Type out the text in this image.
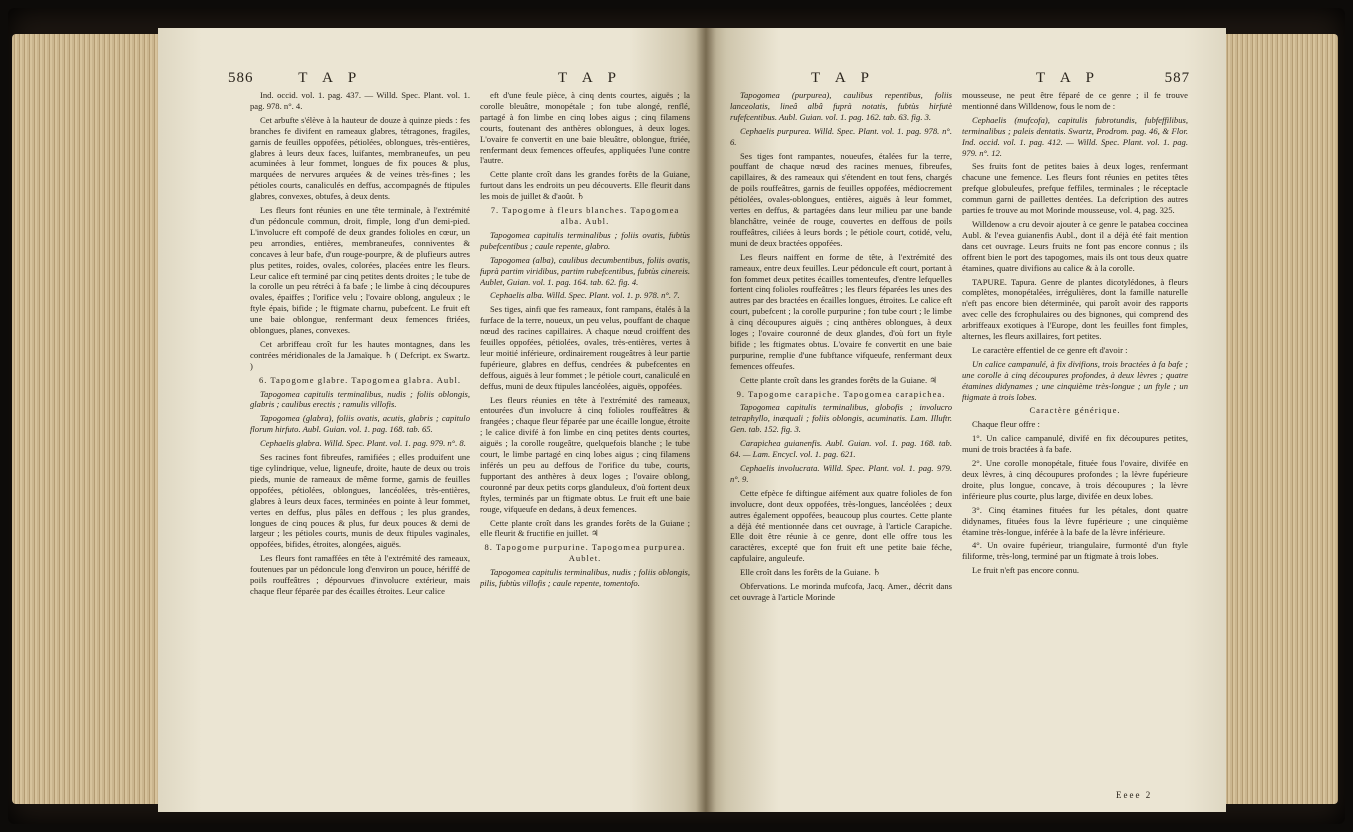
586	T A P	T A P

Ind. occid. vol. 1. pag. 437. — Willd. Spec. Plant. vol. 1. pag. 978. n°. 4.

Cet arbufte s'élève à la hauteur de douze à quinze pieds : fes branches fe divifent en rameaux glabres, tétragones, fragiles, garnis de feuilles oppofées, pétiolées, oblongues, très-entières, glabres à leurs deux faces, luifantes, membraneufes, un peu acuminées à leur fommet, longues de fix pouces & plus, marquées de nervures arquées & de veines très-fines ; les pétioles courts, canaliculés en deffus, accompagnés de ftipules glabres, convexes, obtufes, à deux dents.

Les fleurs font réunies en une tête terminale, à l'extrémité d'un pédoncule commun, droit, fimple, long d'un demi-pied. L'involucre eft compofé de deux grandes folioles en cœur, un peu arrondies, entières, membraneufes, conniventes & concaves à leur bafe, d'un rouge-pourpre, & de plufieurs autres plus petites, roides, ovales, colorées, placées entre les fleurs. Leur calice eft terminé par cinq petites dents droites ; le tube de la corolle un peu rétréci à fa bafe ; le limbe à cinq découpures ovales, épaiffes ; l'orifice velu ; l'ovaire oblong, anguleux ; le ftyle épais, bifide ; le ftigmate charnu, pubefcent. Le fruit eft une baie oblongue, renfermant deux femences ftriées, oblongues, planes, convexes.

Cet arbriffeau croît fur les hautes montagnes, dans les contrées méridionales de la Jamaïque. ♄ ( Defcript. ex Swartz. )

6. Tapogome glabre. Tapogomea glabra. Aubl.

Tapogomea capitulis terminalibus, nudis ; foliis oblongis, glabris ; caulibus erectis ; ramulis villofis.

Tapogomea (glabra), foliis ovatis, acutis, glabris ; capitulo florum hirfuto. Aubl. Guian. vol. 1. pag. 168. tab. 65.

Cephaelis glabra. Willd. Spec. Plant. vol. 1. pag. 979. n°. 8.

Ses racines font fibreufes, ramifiées ; elles produifent une tige cylindrique, velue, ligneufe, droite, haute de deux ou trois pieds, munie de rameaux de même forme, garnis de feuilles oppofées, pétiolées, oblongues, lancéolées, très-entières, glabres à leurs deux faces, terminées en pointe à leur fommet, vertes en deffus, plus pâles en deffous ; les plus grandes, longues de cinq pouces & plus, fur deux pouces & demi de largeur ; les pétioles courts, munis de deux ftipules vaginales, oppofées, bifides, étroites, alongées, aiguës.

Les fleurs font ramaffées en tête à l'extrémité des rameaux, foutenues par un pédoncule long d'environ un pouce, hériffé de poils rouffeâtres ; dépourvues d'involucre extérieur, mais chaque fleur féparée par des écailles étroites. Leur calice

eft d'une feule pièce, à cinq dents courtes, aiguës ; la corolle bleuâtre, monopétale ; fon tube alongé, renflé, partagé à fon limbe en cinq lobes aigus ; cinq filamens courts, foutenant des anthères oblongues, à deux loges. L'ovaire fe convertit en une baie bleuâtre, oblongue, ftriée, renfermant deux femences offeufes, appliquées l'une contre l'autre.

Cette plante croît dans les grandes forêts de la Guiane, furtout dans les endroits un peu découverts. Elle fleurit dans les mois de juillet & d'août. ♄

7. Tapogome à fleurs blanches. Tapogomea alba. Aubl.

Tapogomea capitulis terminalibus ; foliis ovatis, fubtùs pubefcentibus ; caule repente, glabro.

Tapogomea (alba), caulibus decumbentibus, foliis ovatis, fuprà partim viridibus, partim rubefcentibus, fubtùs cinereis. Aublet, Guian. vol. 1. pag. 164. tab. 62. fig. 4.

Cephaelis alba. Willd. Spec. Plant. vol. 1. p. 978. n°. 7.

Ses tiges, ainfi que fes rameaux, font rampans, étalés à la furface de la terre, noueux, un peu velus, pouffant de chaque nœud des racines capillaires. A chaque nœud croiffent des feuilles oppofées, pétiolées, ovales, très-entières, vertes à leur moitié inférieure, ordinairement rougeâtres à leur partie fupérieure, glabres en deffus, cendrées & pubefcentes en deffous, aiguës à leur fommet ; le pétiole court, canaliculé en deffus, muni de deux ftipules lancéolées, aiguës, oppofées.

Les fleurs réunies en tête à l'extrémité des rameaux, entourées d'un involucre à cinq folioles rouffeâtres & frangées ; chaque fleur féparée par une écaille longue, étroite ; le calice divifé à fon limbe en cinq petites dents courtes, aiguës ; la corolle rougeâtre, quelquefois blanche ; le tube court, le limbe partagé en cinq lobes aigus ; cinq filamens inférés un peu au deffous de l'orifice du tube, courts, fupportant des anthères à deux loges ; l'ovaire oblong, couronné par deux petits corps glanduleux, d'où fortent deux ftyles, terminés par un ftigmate obtus. Le fruit eft une baie rouge, vifqueufe en dedans, à deux femences.

Cette plante croît dans les grandes forêts de la Guiane ; elle fleurit & fructifie en juillet. ♃

8. Tapogome purpurine. Tapogomea purpurea. Aublet.

Tapogomea capitulis terminalibus, nudis ; foliis oblongis, pilis, fubtùs villofis ; caule repente, tomentofo.

T A P	T A P	587

Tapogomea (purpurea), caulibus repentibus, foliis lanceolatis, lineâ albâ fuprà notatis, fubtùs hirfutè rufefcentibus. Aubl. Guian. vol. 1. pag. 162. tab. 63. fig. 3.

Cephaelis purpurea. Willd. Spec. Plant. vol. 1. pag. 978. n°. 6.

Ses tiges font rampantes, noueufes, étalées fur la terre, pouffant de chaque nœud des racines menues, fibreufes, capillaires, & des rameaux qui s'étendent en tout fens, chargés de poils rouffeâtres, garnis de feuilles oppofées, médiocrement pétiolées, ovales-oblongues, entières, aiguës à leur fommet, vertes en deffus, & partagées dans leur milieu par une bande blanchâtre, veinée de rouge, couvertes en deffous de poils rouffeâtres, ciliées à leurs bords ; le pétiole court, cotidé, velu, muni de deux bractées oppofées.

Les fleurs naiffent en forme de tête, à l'extrémité des rameaux, entre deux feuilles. Leur pédoncule eft court, portant à fon fommet deux petites écailles tomenteufes, d'entre lefquelles fortent cinq folioles rouffeâtres ; les fleurs féparées les unes des autres par des bractées en écailles longues, étroites. Le calice eft court, pubefcent ; la corolle purpurine ; fon tube court ; le limbe à cinq découpures aiguës ; cinq anthères oblongues, à deux loges ; l'ovaire couronné de deux glandes, d'où fort un ftyle bifide ; les ftigmates obtus. L'ovaire fe convertit en une baie purpurine, remplie d'une fubftance vifqueufe, renfermant deux femences offeufes.

Cette plante croît dans les grandes forêts de la Guiane. ♃

9. Tapogome carapiche. Tapogomea carapichea.

Tapogomea capitulis terminalibus, globofis ; involucro tetraphyllo, inæquali ; foliis oblongis, acuminatis. Lam. Illuftr. Gen. tab. 152. fig. 3.

Carapichea guianenfis. Aubl. Guian. vol. 1. pag. 168. tab. 64. — Lam. Encycl. vol. 1. pag. 621.

Cephaelis involucrata. Willd. Spec. Plant. vol. 1. pag. 979. n°. 9.

Cette efpèce fe diftingue aifément aux quatre folioles de fon involucre, dont deux oppofées, très-longues, lancéolées ; deux autres également oppofées, beaucoup plus courtes. Cette plante a déjà été mentionnée dans cet ouvrage, à l'article Carapiche. Elle doit être réunie à ce genre, dont elle offre tous les caractères, excepté que fon fruit eft une petite baie féche, capfulaire, anguleufe.

Elle croît dans les forêts de la Guiane. ♄

Obfervations. Le morinda mufcofa, Jacq. Amer., décrit dans cet ouvrage à l'article Morinde

mousseuse, ne peut être féparé de ce genre ; il fe trouve mentionné dans Willdenow, fous le nom de :

Cephaelis (mufcofa), capitulis fubrotundis, fubfeffilibus, terminalibus ; paleis dentatis. Swartz, Prodrom. pag. 46, & Flor. Ind. occid. vol. 1. pag. 412. — Willd. Spec. Plant. vol. 1. pag. 979. n°. 12.

Ses fruits font de petites baies à deux loges, renfermant chacune une femence. Les fleurs font réunies en petites têtes prefque globuleufes, prefque feffiles, terminales ; le réceptacle commun garni de paillettes dentées. La defcription des autres parties fe trouve au mot Morinde mousseuse, vol. 4, pag. 325.

Willdenow a cru devoir ajouter à ce genre le patabea coccinea Aubl. & l'evea guianenfis Aubl., dont il a déjà été fait mention dans cet ouvrage. Leurs fruits ne font pas encore connus ; ils offrent bien le port des tapogomes, mais ils ont tous deux quatre étamines, quatre divifions au calice & à la corolle.

TAPURE. Tapura. Genre de plantes dicotylédones, à fleurs complètes, monopétalées, irrégulières, dont la famille naturelle n'eft pas encore bien déterminée, qui paroît avoir des rapports avec celle des fcrophulaires ou des bignones, qui comprend des arbriffeaux exotiques à l'Europe, dont les feuilles font fimples, alternes, les fleurs axillaires, fort petites.

Le caractère effentiel de ce genre eft d'avoir :

Un calice campanulé, à fix divifions, trois bractées à fa bafe ; une corolle à cinq découpures profondes, à deux lèvres ; quatre étamines didynames ; une cinquième très-longue ; un ftyle ; un ftigmate à trois lobes.

Caractère générique.

Chaque fleur offre :

1°. Un calice campanulé, divifé en fix découpures petites, muni de trois bractées à fa bafe.

2°. Une corolle monopétale, fituée fous l'ovaire, divifée en deux lèvres, à cinq découpures profondes ; la lèvre fupérieure droite, plus longue, concave, à trois découpures ; la lèvre inférieure plus courte, plus large, divifée en deux lobes.

3°. Cinq étamines fituées fur les pétales, dont quatre didynames, fituées fous la lèvre fupérieure ; une cinquième étamine très-longue, inférée à la bafe de la lèvre inférieure.

4°. Un ovaire fupérieur, triangulaire, furmonté d'un ftyle filiforme, très-long, terminé par un ftigmate à trois lobes.

Le fruit n'eft pas encore connu.

Eeee 2
